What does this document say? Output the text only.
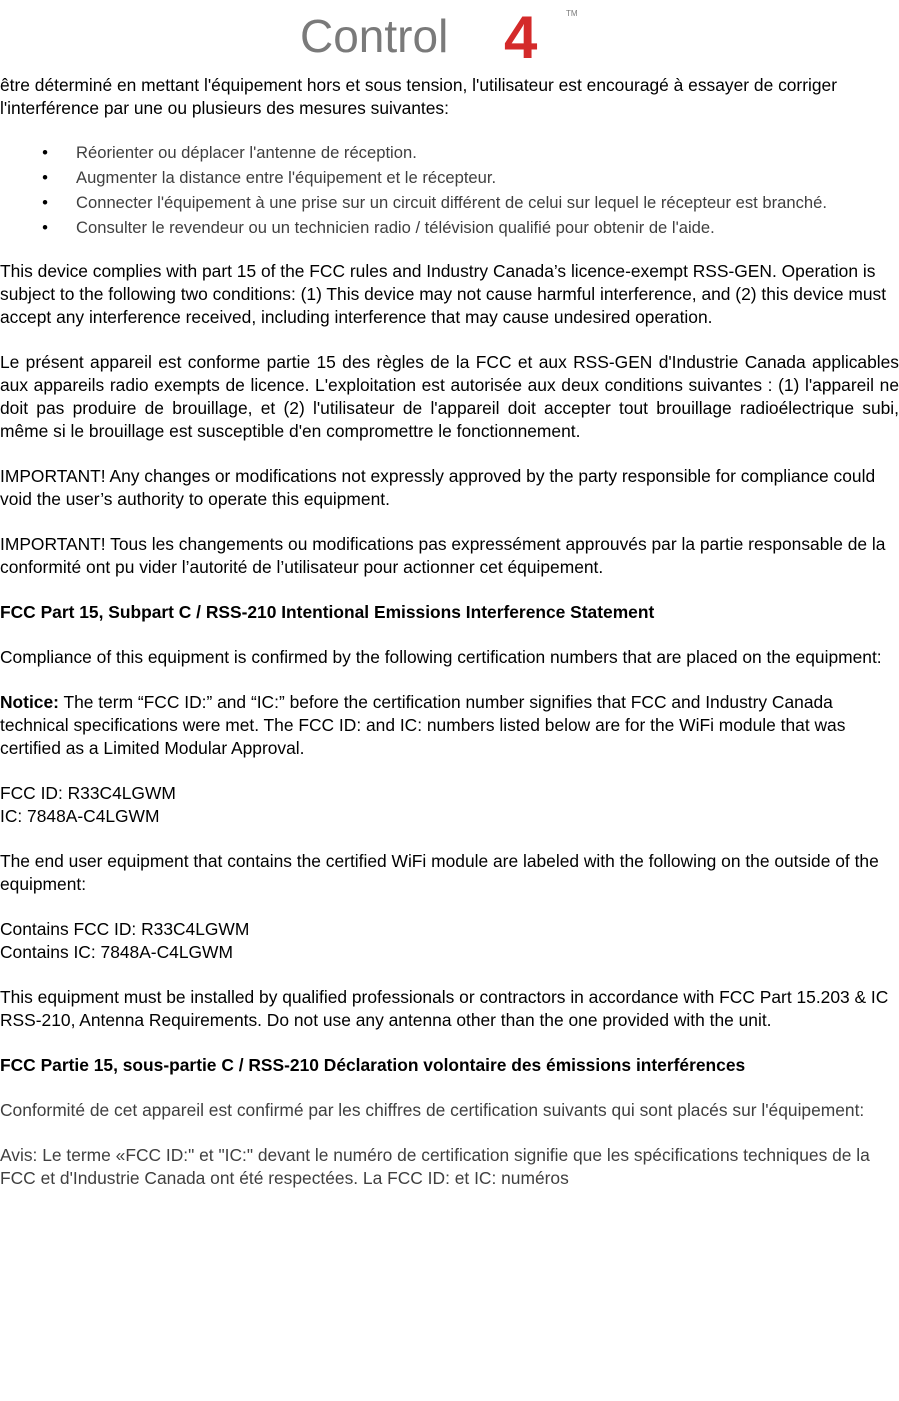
Control 4	TM

être déterminé en mettant l'équipement hors et sous tension, l'utilisateur est encouragé à essayer de corriger l'interférence par une ou plusieurs des mesures suivantes:

• Réorienter ou déplacer l'antenne de réception.
• Augmenter la distance entre l'équipement et le récepteur.
• Connecter l'équipement à une prise sur un circuit différent de celui sur lequel le récepteur est branché.
• Consulter le revendeur ou un technicien radio / télévision qualifié pour obtenir de l'aide.

This device complies with part 15 of the FCC rules and Industry Canada’s licence-exempt RSS-GEN. Operation is subject to the following two conditions: (1) This device may not cause harmful interference, and (2) this device must accept any interference received, including interference that may cause undesired operation.

Le présent appareil est conforme partie 15 des règles de la FCC et aux RSS-GEN d'Industrie Canada applicables aux appareils radio exempts de licence. L'exploitation est autorisée aux deux conditions suivantes : (1) l'appareil ne doit pas produire de brouillage, et (2) l'utilisateur de l'appareil doit accepter tout brouillage radioélectrique subi, même si le brouillage est susceptible d'en compromettre le fonctionnement.

IMPORTANT! Any changes or modifications not expressly approved by the party responsible for compliance could void the user’s authority to operate this equipment.

IMPORTANT! Tous les changements ou modifications pas expressément approuvés par la partie responsable de la conformité ont pu vider l’autorité de l’utilisateur pour actionner cet équipement.

FCC Part 15, Subpart C / RSS-210 Intentional Emissions Interference Statement

Compliance of this equipment is confirmed by the following certification numbers that are placed on the equipment:

Notice: The term “FCC ID:” and “IC:” before the certification number signifies that FCC and Industry Canada technical specifications were met. The FCC ID: and IC: numbers listed below are for the WiFi module that was certified as a Limited Modular Approval.

FCC ID: R33C4LGWM

IC: 7848A-C4LGWM

The end user equipment that contains the certified WiFi module are labeled with the following on the outside of the equipment:

Contains FCC ID: R33C4LGWM

Contains IC: 7848A-C4LGWM

This equipment must be installed by qualified professionals or contractors in accordance with FCC Part 15.203 & IC RSS-210, Antenna Requirements. Do not use any antenna other than the one provided with the unit.

FCC Partie 15, sous-partie C / RSS-210 Déclaration volontaire des émissions interférences

Conformité de cet appareil est confirmé par les chiffres de certification suivants qui sont placés sur l'équipement:

Avis: Le terme «FCC ID:" et "IC:" devant le numéro de certification signifie que les spécifications techniques de la FCC et d'Industrie Canada ont été respectées. La FCC ID: et IC: numéros
